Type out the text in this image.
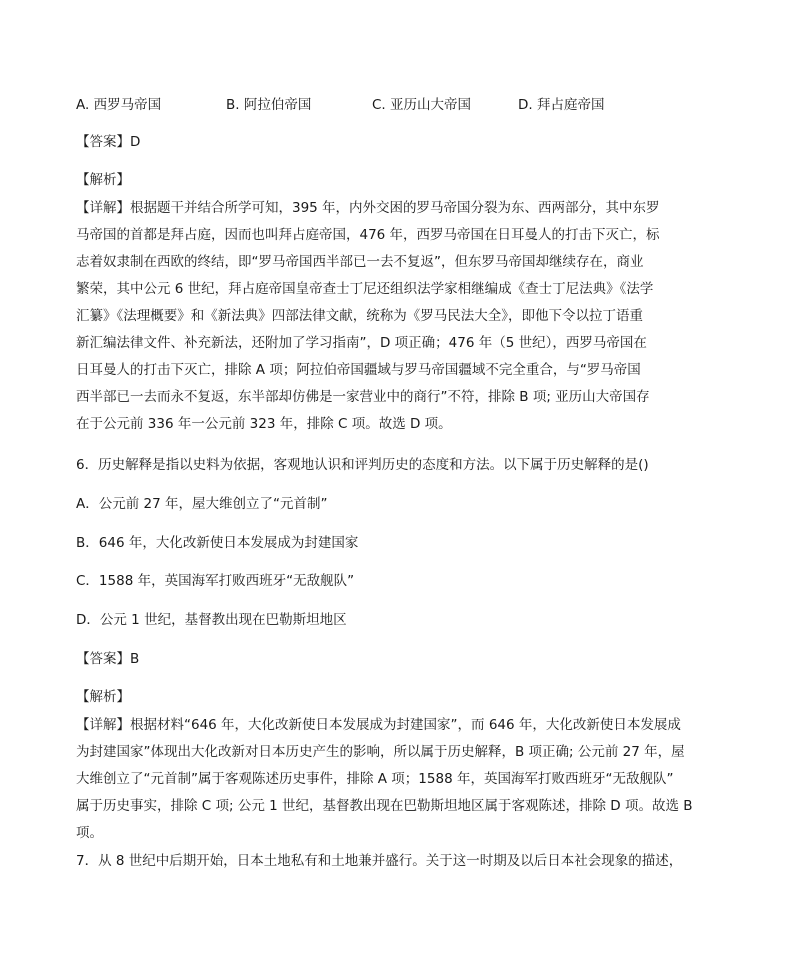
A. 西罗马帝国	B. 阿拉伯帝国	C. 亚历山大帝国	D. 拜占庭帝国
【答案】D
【解析】
【详解】根据题干并结合所学可知，395 年，内外交困的罗马帝国分裂为东、西两部分，其中东罗
马帝国的首都是拜占庭，因而也叫拜占庭帝国，476 年，西罗马帝国在日耳曼人的打击下灭亡，标
志着奴隶制在西欧的终结，即“罗马帝国西半部已一去不复返”，但东罗马帝国却继续存在，商业
繁荣，其中公元 6 世纪，拜占庭帝国皇帝查士丁尼还组织法学家相继编成《查士丁尼法典》《法学
汇纂》《法理概要》和《新法典》四部法律文献，统称为《罗马民法大全》，即他下令以拉丁语重
新汇编法律文件、补充新法，还附加了学习指南”，D 项正确；476 年（5 世纪），西罗马帝国在
日耳曼人的打击下灭亡，排除 A 项；阿拉伯帝国疆域与罗马帝国疆域不完全重合，与“罗马帝国
西半部已一去而永不复返，东半部却仿佛是一家营业中的商行”不符，排除 B 项; 亚历山大帝国存
在于公元前 336 年一公元前 323 年，排除 C 项。故选 D 项。
6．历史解释是指以史料为依据，客观地认识和评判历史的态度和方法。以下属于历史解释的是()
A．公元前 27 年，屋大维创立了“元首制”
B．646 年，大化改新使日本发展成为封建国家
C．1588 年，英国海军打败西班牙“无敌舰队”
D．公元 1 世纪，基督教出现在巴勒斯坦地区
【答案】B
【解析】
【详解】根据材料“646 年，大化改新使日本发展成为封建国家”，而 646 年，大化改新使日本发展成
为封建国家”体现出大化改新对日本历史产生的影响，所以属于历史解释，B 项正确; 公元前 27 年，屋
大维创立了“元首制”属于客观陈述历史事件，排除 A 项；1588 年，英国海军打败西班牙“无敌舰队”
属于历史事实，排除 C 项; 公元 1 世纪，基督教出现在巴勒斯坦地区属于客观陈述，排除 D 项。故选 B
项。
7．从 8 世纪中后期开始，日本土地私有和土地兼并盛行。关于这一时期及以后日本社会现象的描述，
